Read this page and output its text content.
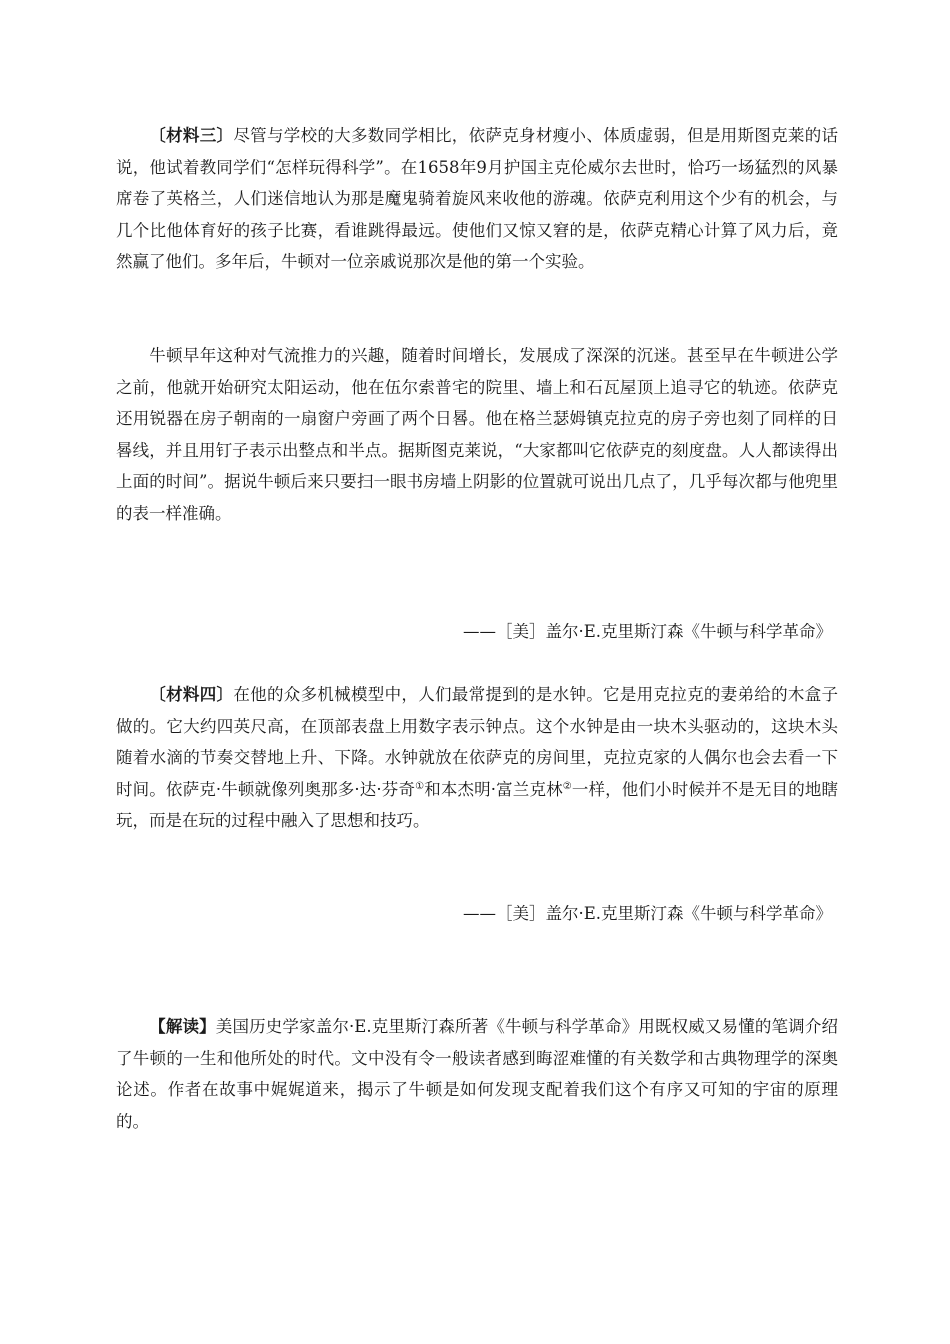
〔材料三〕尽管与学校的大多数同学相比，依萨克身材瘦小、体质虚弱，但是用斯图克莱的话说，他试着教同学们“怎样玩得科学”。在1658年9月护国主克伦威尔去世时，恰巧一场猛烈的风暴席卷了英格兰，人们迷信地认为那是魔鬼骑着旋风来收他的游魂。依萨克利用这个少有的机会，与几个比他体育好的孩子比赛，看谁跳得最远。使他们又惊又窘的是，依萨克精心计算了风力后，竟然赢了他们。多年后，牛顿对一位亲戚说那次是他的第一个实验。

牛顿早年这种对气流推力的兴趣，随着时间增长，发展成了深深的沉迷。甚至早在牛顿进公学之前，他就开始研究太阳运动，他在伍尔索普宅的院里、墙上和石瓦屋顶上追寻它的轨迹。依萨克还用锐器在房子朝南的一扇窗户旁画了两个日晷。他在格兰瑟姆镇克拉克的房子旁也刻了同样的日晷线，并且用钉子表示出整点和半点。据斯图克莱说，“大家都叫它依萨克的刻度盘。人人都读得出上面的时间”。据说牛顿后来只要扫一眼书房墙上阴影的位置就可说出几点了，几乎每次都与他兜里的表一样准确。

——［美］盖尔·E.克里斯汀森《牛顿与科学革命》

〔材料四〕在他的众多机械模型中，人们最常提到的是水钟。它是用克拉克的妻弟给的木盒子做的。它大约四英尺高，在顶部表盘上用数字表示钟点。这个水钟是由一块木头驱动的，这块木头随着水滴的节奏交替地上升、下降。水钟就放在依萨克的房间里，克拉克家的人偶尔也会去看一下时间。依萨克·牛顿就像列奥那多·达·芬奇①和本杰明·富兰克林②一样，他们小时候并不是无目的地瞎玩，而是在玩的过程中融入了思想和技巧。

——［美］盖尔·E.克里斯汀森《牛顿与科学革命》

【解读】美国历史学家盖尔·E.克里斯汀森所著《牛顿与科学革命》用既权威又易懂的笔调介绍了牛顿的一生和他所处的时代。文中没有令一般读者感到晦涩难懂的有关数学和古典物理学的深奥论述。作者在故事中娓娓道来，揭示了牛顿是如何发现支配着我们这个有序又可知的宇宙的原理的。
